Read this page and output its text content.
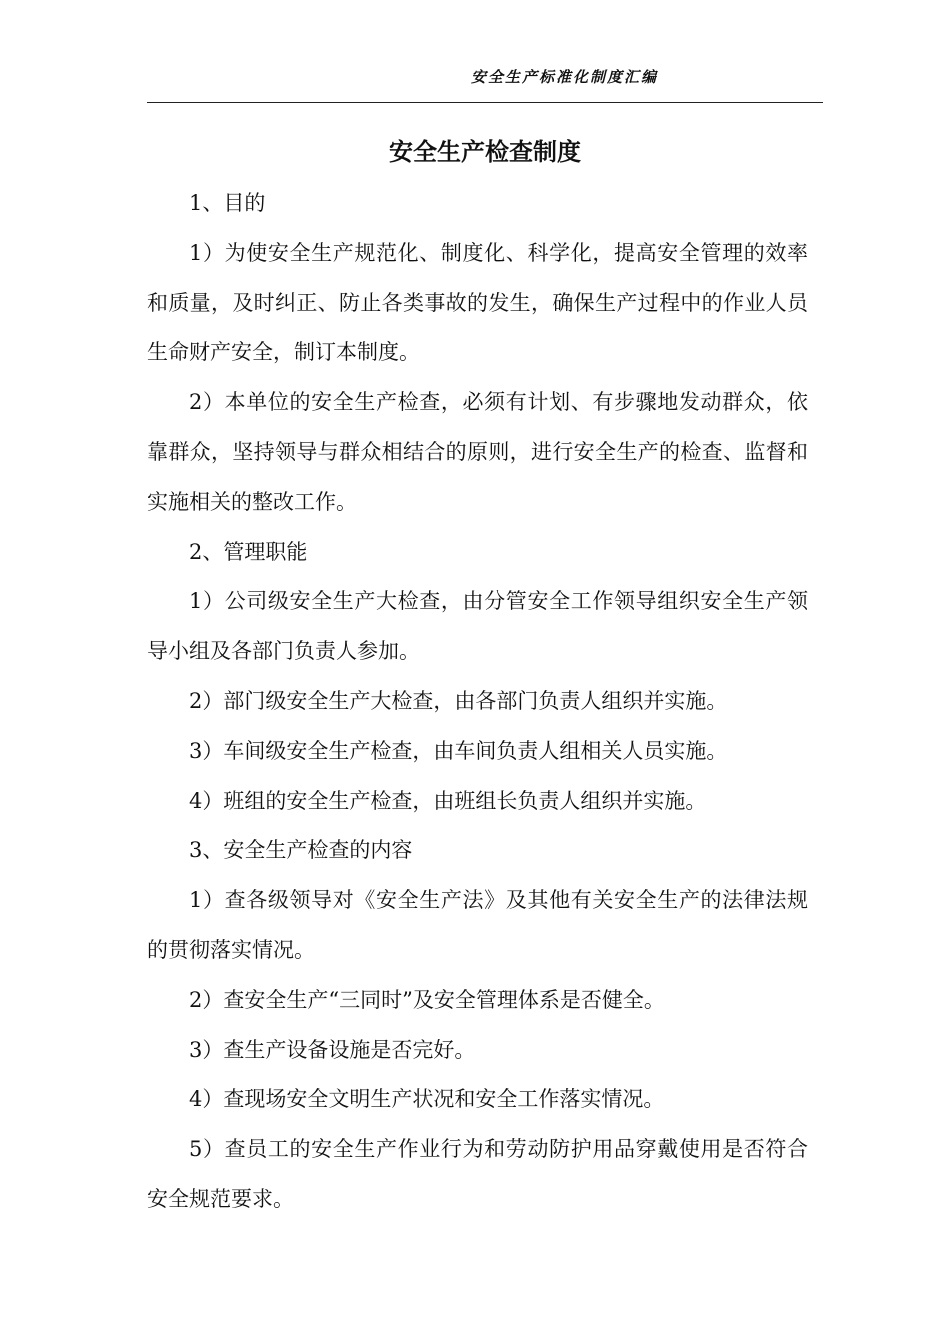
安全生产标准化制度汇编
安全生产检查制度

1、目的

1）为使安全生产规范化、制度化、科学化，提高安全管理的效率和质量，及时纠正、防止各类事故的发生，确保生产过程中的作业人员生命财产安全，制订本制度。

2）本单位的安全生产检查，必须有计划、有步骤地发动群众，依靠群众，坚持领导与群众相结合的原则，进行安全生产的检查、监督和实施相关的整改工作。

2、管理职能

1）公司级安全生产大检查，由分管安全工作领导组织安全生产领导小组及各部门负责人参加。

2）部门级安全生产大检查，由各部门负责人组织并实施。

3）车间级安全生产检查，由车间负责人组相关人员实施。

4）班组的安全生产检查，由班组长负责人组织并实施。

3、安全生产检查的内容

1）查各级领导对《安全生产法》及其他有关安全生产的法律法规的贯彻落实情况。

2）查安全生产“三同时”及安全管理体系是否健全。

3）查生产设备设施是否完好。

4）查现场安全文明生产状况和安全工作落实情况。

5）查员工的安全生产作业行为和劳动防护用品穿戴使用是否符合安全规范要求。
